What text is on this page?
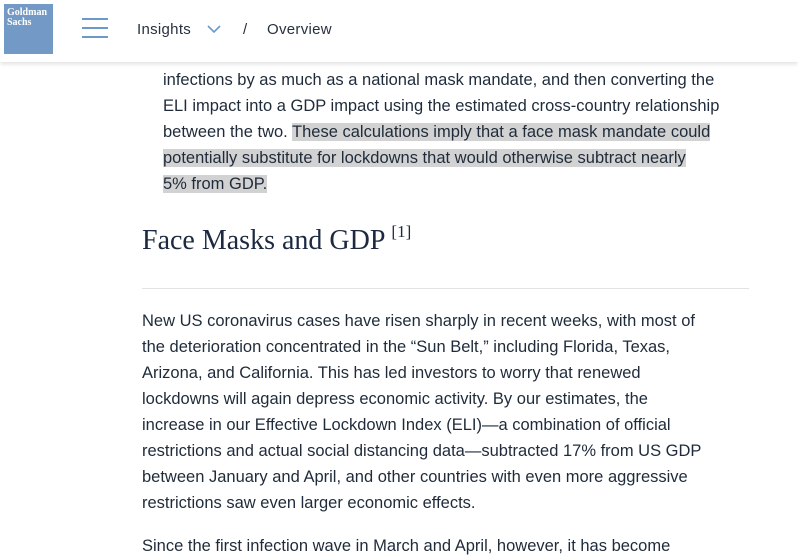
Goldman
Sachs	Insights	/ Overview

infections by as much as a national mask mandate, and then converting the
ELI impact into a GDP impact using the estimated cross-country relationship
between the two. These calculations imply that a face mask mandate could
potentially substitute for lockdowns that would otherwise subtract nearly
5% from GDP.

Face Masks and GDP [1]

New US coronavirus cases have risen sharply in recent weeks, with most of
the deterioration concentrated in the “Sun Belt,” including Florida, Texas,
Arizona, and California. This has led investors to worry that renewed
lockdowns will again depress economic activity. By our estimates, the
increase in our Effective Lockdown Index (ELI)—a combination of official
restrictions and actual social distancing data—subtracted 17% from US GDP
between January and April, and other countries with even more aggressive
restrictions saw even larger economic effects.

Since the first infection wave in March and April, however, it has become
